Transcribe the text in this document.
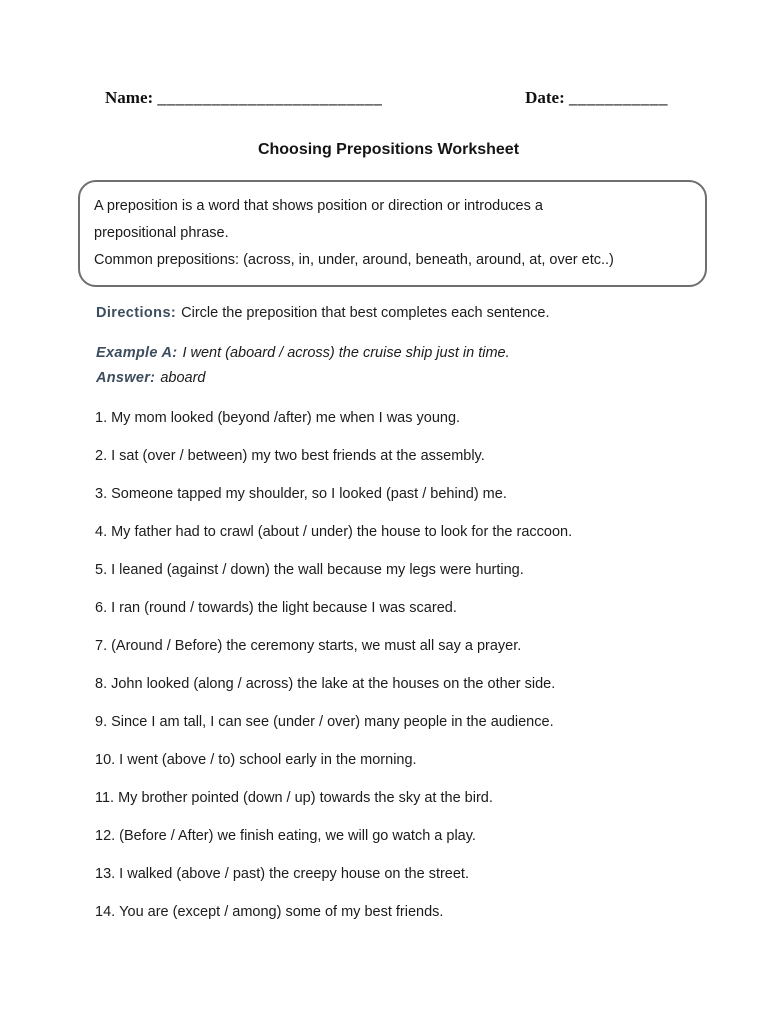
Name: _________________________	Date: ___________
Choosing Prepositions Worksheet
A preposition is a word that shows position or direction or introduces a
prepositional phrase.
Common prepositions: (across, in, under, around, beneath, around, at, over etc..)
Directions: Circle the preposition that best completes each sentence.
Example A: I went (aboard / across) the cruise ship just in time.
Answer: aboard

1. My mom looked (beyond /after) me when I was young.

2. I sat (over / between) my two best friends at the assembly.

3. Someone tapped my shoulder, so I looked (past / behind) me.

4. My father had to crawl (about / under) the house to look for the raccoon.

5. I leaned (against / down) the wall because my legs were hurting.

6. I ran (round / towards) the light because I was scared.

7. (Around / Before) the ceremony starts, we must all say a prayer.

8. John looked (along / across) the lake at the houses on the other side.

9. Since I am tall, I can see (under / over) many people in the audience.

10. I went (above / to) school early in the morning.

11. My brother pointed (down / up) towards the sky at the bird.

12. (Before / After) we finish eating, we will go watch a play.

13. I walked (above / past) the creepy house on the street.

14. You are (except / among) some of my best friends.
